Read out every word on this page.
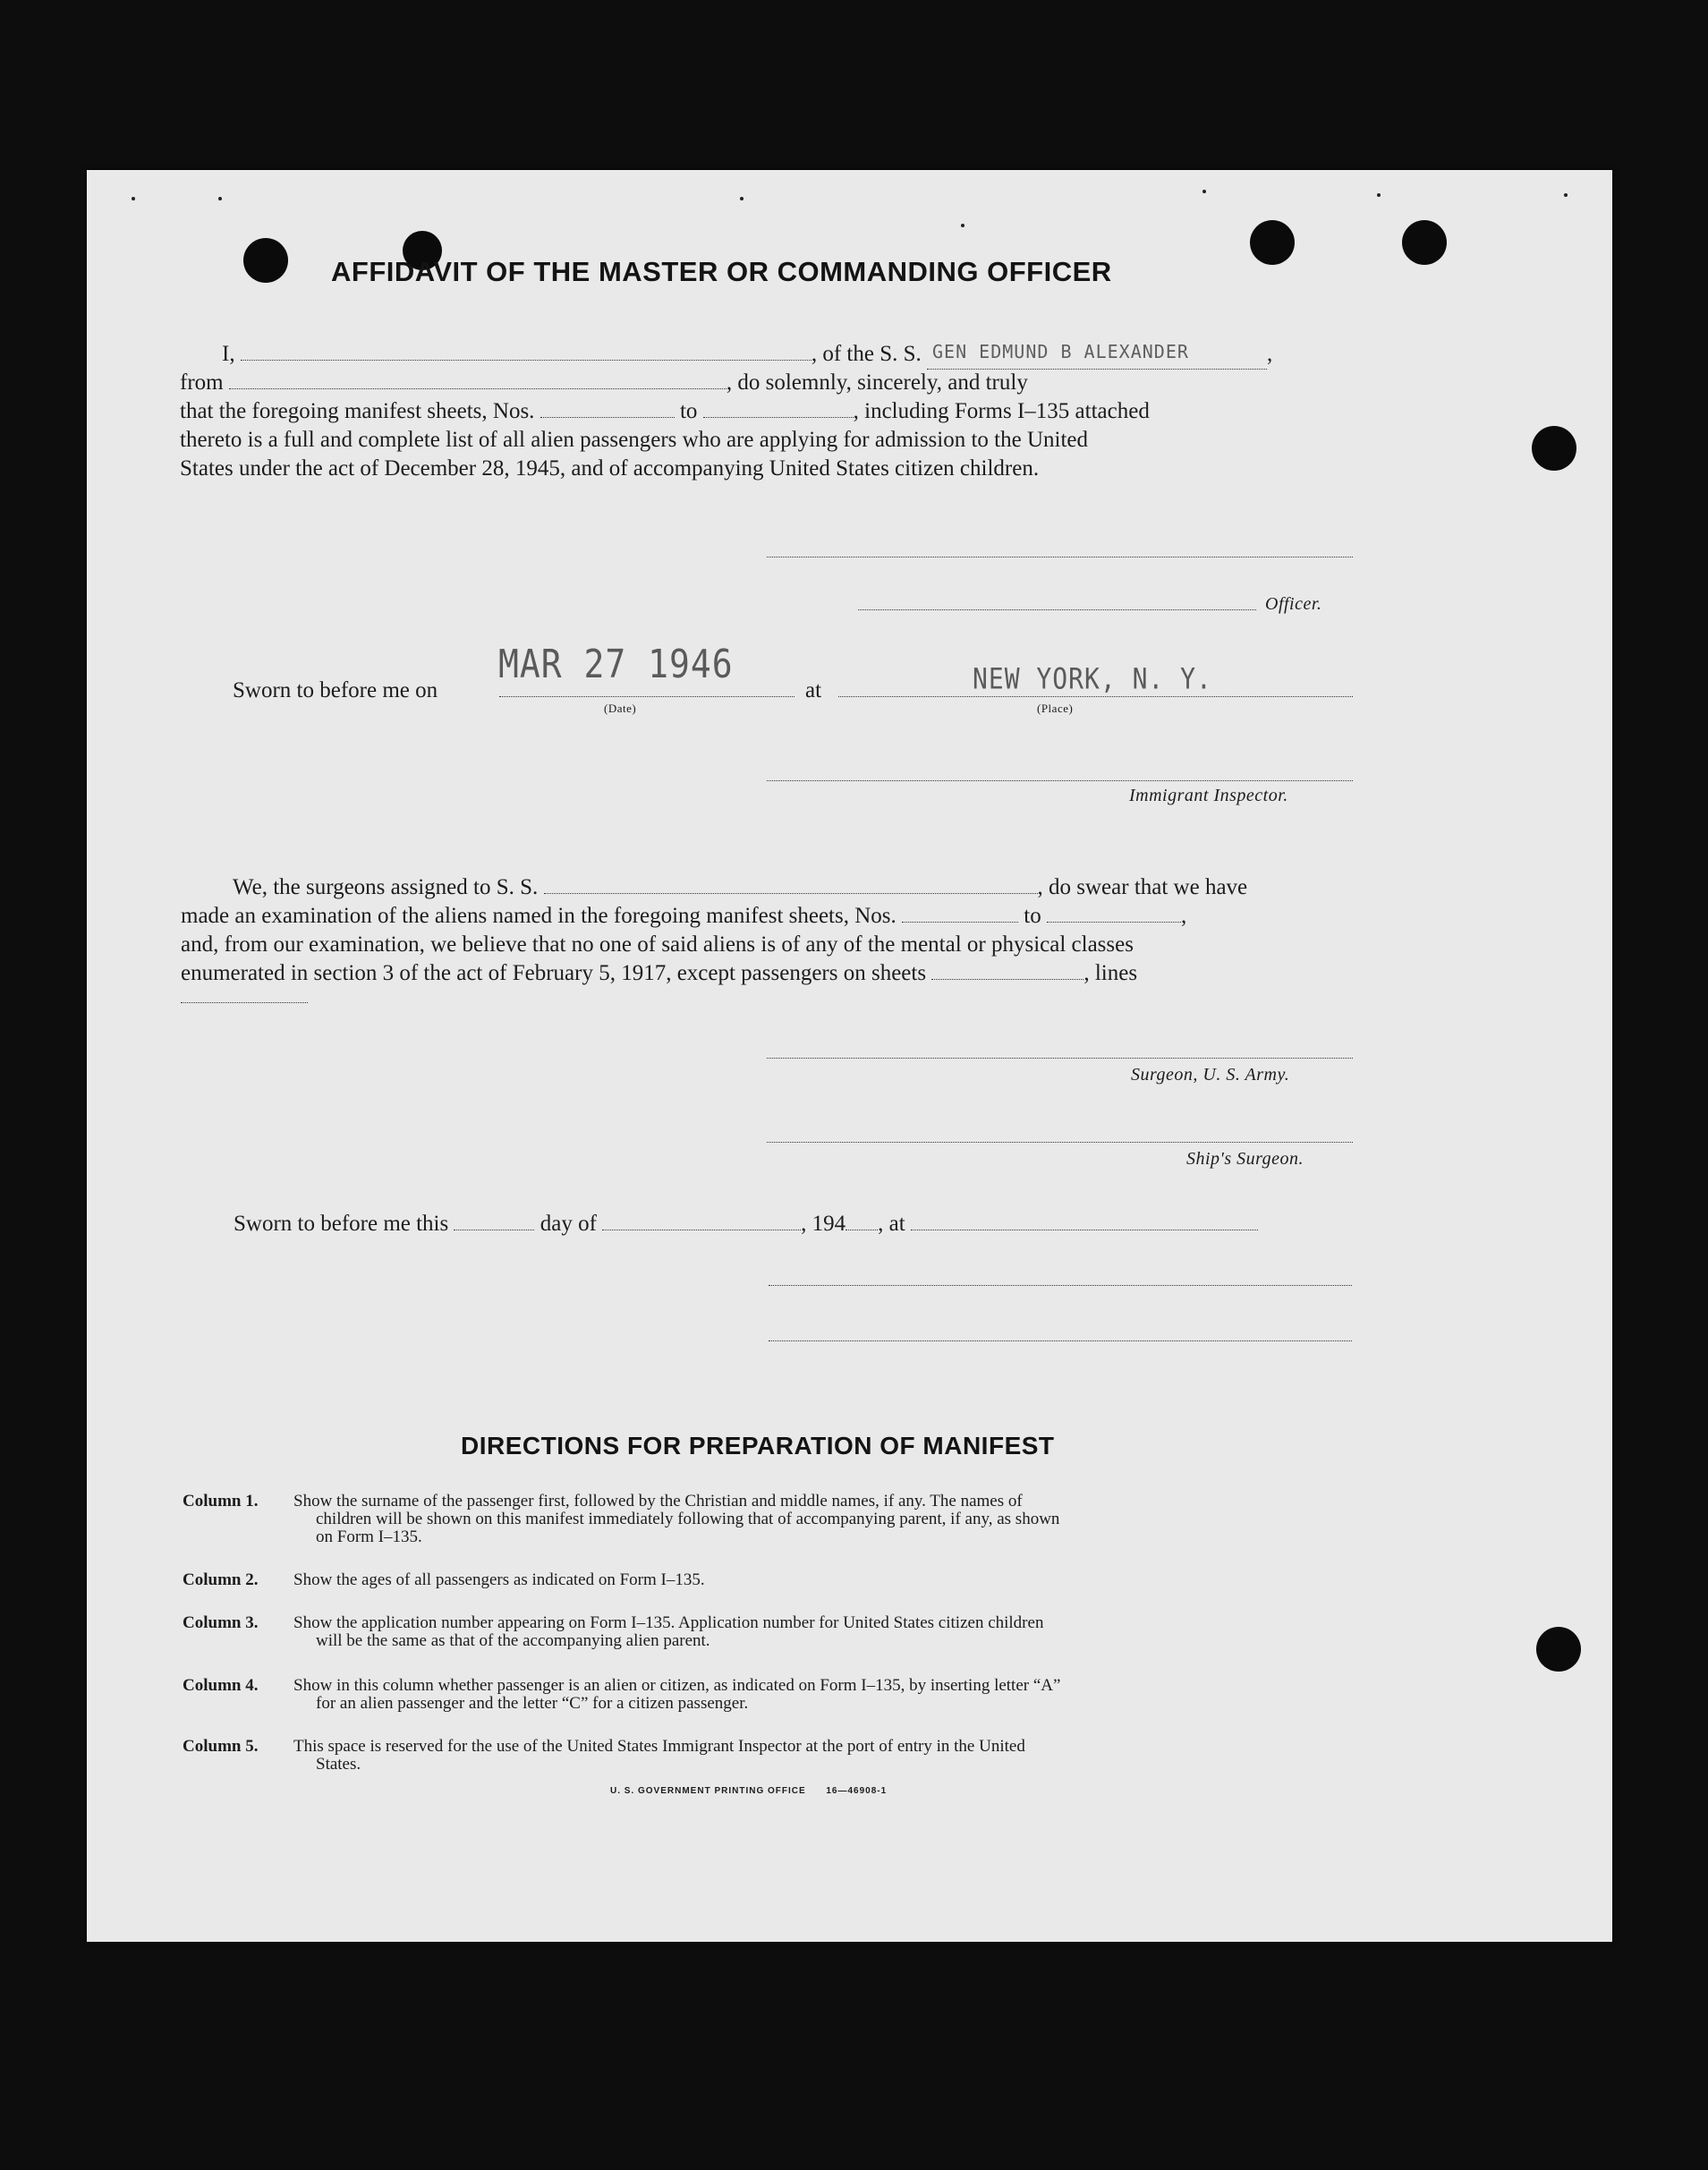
AFFIDAVIT OF THE MASTER OR COMMANDING OFFICER
I,	, of the S. S. GEN EDMUND B ALEXANDER	,
from	, do solemnly, sincerely, and truly
that the foregoing manifest sheets, Nos.	to	, including Forms I–135 attached
thereto is a full and complete list of all alien passengers who are applying for admission to the United
States under the act of December 28, 1945, and of accompanying United States citizen children.
Officer.
Sworn to before me on
MAR 27 1946
(Date)
at	NEW YORK, N. Y.
(Place)
Immigrant Inspector.
We, the surgeons assigned to S. S.	, do swear that we have
made an examination of the aliens named in the foregoing manifest sheets, Nos.	to	,
and, from our examination, we believe that no one of said aliens is of any of the mental or physical classes
enumerated in section 3 of the act of February 5, 1917, except passengers on sheets	, lines
Surgeon, U. S. Army.
Ship's Surgeon.
Sworn to before me this	day of	, 194 , at
DIRECTIONS FOR PREPARATION OF MANIFEST
Column 1.	Show the surname of the passenger first, followed by the Christian and middle names, if any. The names of
children will be shown on this manifest immediately following that of accompanying parent, if any, as shown
on Form I–135.
Column 2.	Show the ages of all passengers as indicated on Form I–135.
Column 3.	Show the application number appearing on Form I–135. Application number for United States citizen children
will be the same as that of the accompanying alien parent.
Column 4.	Show in this column whether passenger is an alien or citizen, as indicated on Form I–135, by inserting letter “A”
for an alien passenger and the letter “C” for a citizen passenger.
Column 5.	This space is reserved for the use of the United States Immigrant Inspector at the port of entry in the United
States.
U. S. GOVERNMENT PRINTING OFFICE 16—46908-1
